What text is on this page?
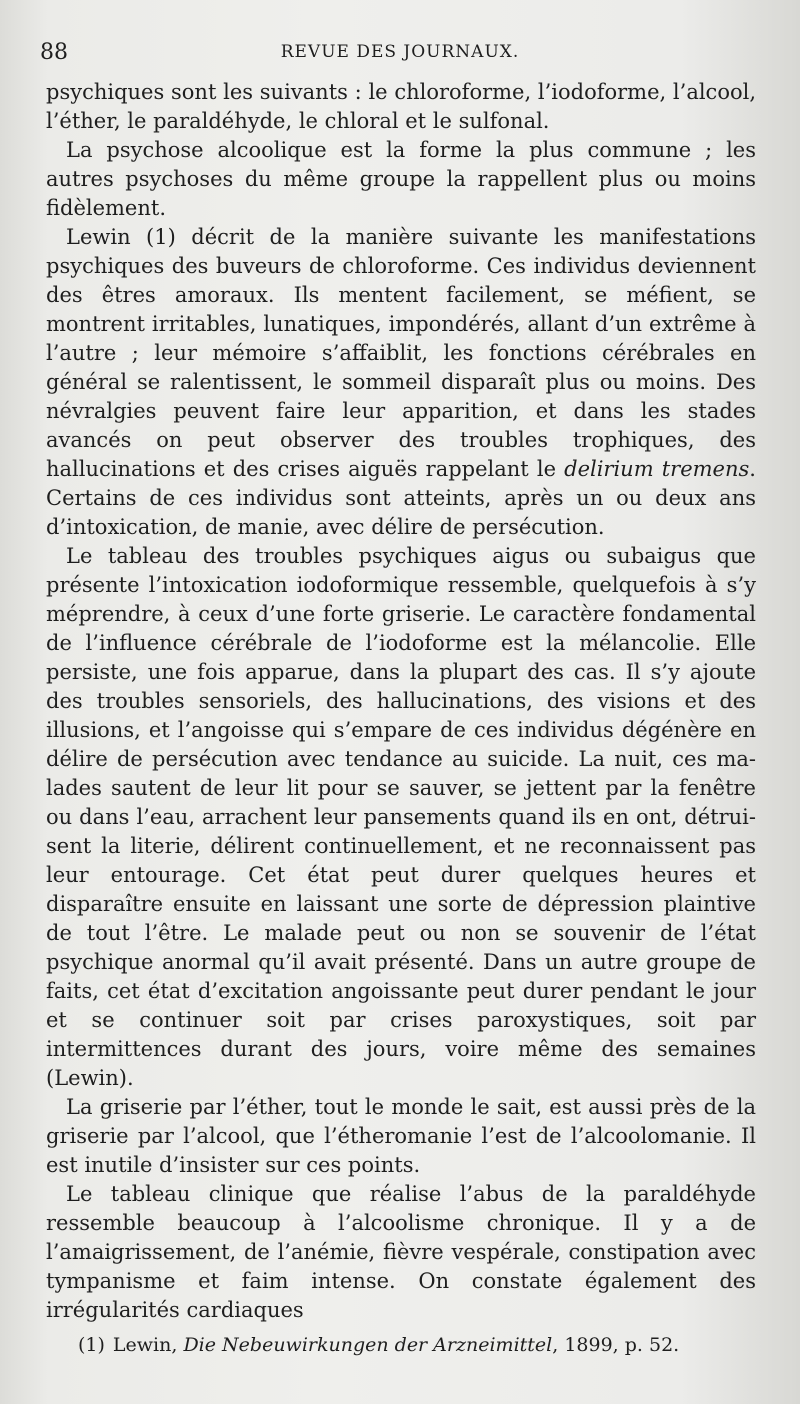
88	REVUE DES JOURNAUX.

psychiques sont les suivants : le chloroforme, l’iodoforme, l’alcool, l’éther, le paraldéhyde, le chloral et le sulfonal.

La psychose alcoolique est la forme la plus commune ; les autres psychoses du même groupe la rappellent plus ou moins fidèlement.

Lewin (1) décrit de la manière suivante les manifestations psychiques des buveurs de chloroforme. Ces individus deviennent des êtres amoraux. Ils mentent facilement, se méfient, se montrent irritables, lunatiques, impondérés, allant d’un extrême à l’autre ; leur mémoire s’affaiblit, les fonctions cérébrales en général se ralentissent, le sommeil disparaît plus ou moins. Des névralgies peuvent faire leur apparition, et dans les stades avancés on peut observer des troubles trophiques, des hallucinations et des crises aiguës rappelant le delirium tremens. Certains de ces individus sont atteints, après un ou deux ans d’intoxication, de manie, avec délire de persécution.

Le tableau des troubles psychiques aigus ou subaigus que présente l’intoxication iodoformique ressemble, quelquefois à s’y méprendre, à ceux d’une forte griserie. Le caractère fondamental de l’influence cérébrale de l’iodoforme est la mélancolie. Elle persiste, une fois apparue, dans la plupart des cas. Il s’y ajoute des troubles sensoriels, des hallucinations, des visions et des illusions, et l’angoisse qui s’empare de ces individus dégénère en délire de persécution avec tendance au suicide. La nuit, ces malades sautent de leur lit pour se sauver, se jettent par la fenêtre ou dans l’eau, arrachent leur pansements quand ils en ont, détruisent la literie, délirent continuellement, et ne reconnaissent pas leur entourage. Cet état peut durer quelques heures et disparaître ensuite en laissant une sorte de dépression plaintive de tout l’être. Le malade peut ou non se souvenir de l’état psychique anormal qu’il avait présenté. Dans un autre groupe de faits, cet état d’excitation angoissante peut durer pendant le jour et se continuer soit par crises paroxystiques, soit par intermittences durant des jours, voire même des semaines (Lewin).

La griserie par l’éther, tout le monde le sait, est aussi près de la griserie par l’alcool, que l’étheromanie l’est de l’alcoolomanie. Il est inutile d’insister sur ces points.

Le tableau clinique que réalise l’abus de la paraldéhyde ressemble beaucoup à l’alcoolisme chronique. Il y a de l’amaigrissement, de l’anémie, fièvre vespérale, constipation avec tympanisme et faim intense. On constate également des irrégularités cardiaques

(1) Lewin, Die Nebeuwirkungen der Arzneimittel, 1899, p. 52.
